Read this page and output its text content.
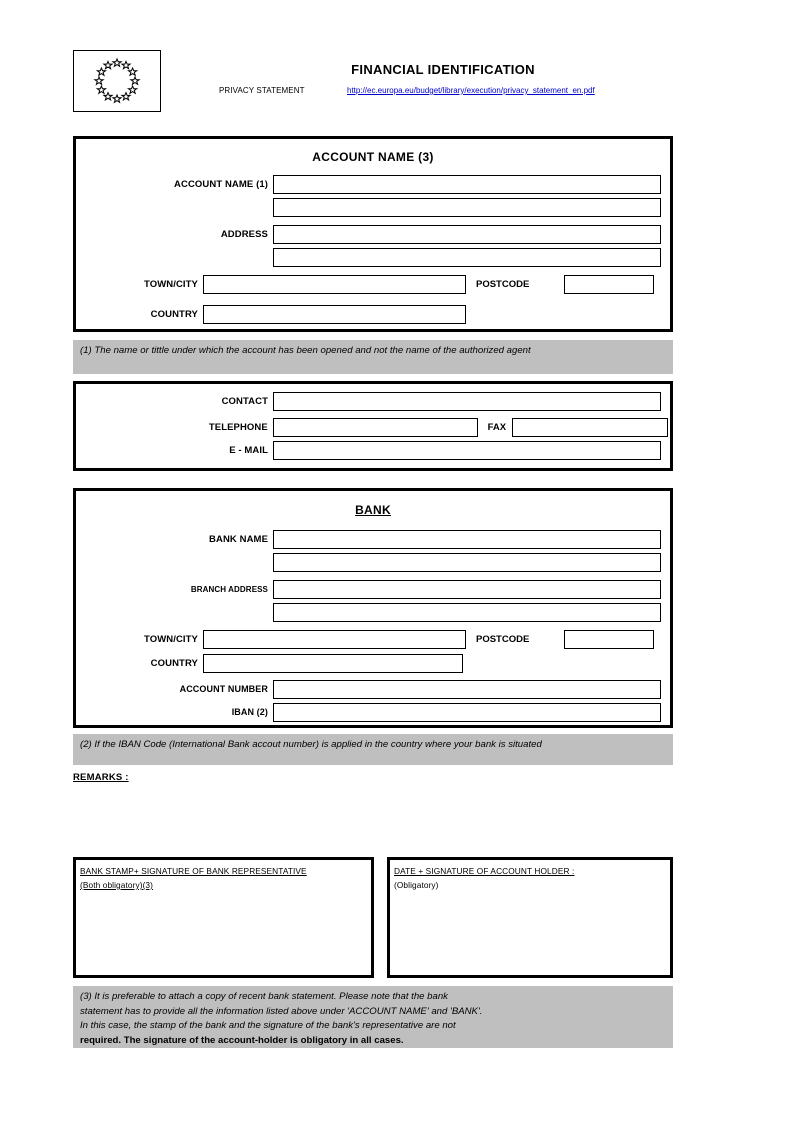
FINANCIAL IDENTIFICATION
PRIVACY STATEMENT	http://ec.europa.eu/budget/library/execution/privacy_statement_en.pdf
ACCOUNT NAME (3)
ACCOUNT NAME (1)
ADDRESS
TOWN/CITY	POSTCODE
COUNTRY
(1) The name or tittle under which the account has been opened and not the name of the authorized agent
CONTACT
TELEPHONE	FAX
E - MAIL
BANK
BANK NAME
BRANCH ADDRESS
TOWN/CITY	POSTCODE
COUNTRY
ACCOUNT NUMBER
IBAN (2)
(2) If the IBAN Code (International Bank accout number) is applied in the country where your bank is situated
REMARKS :
BANK STAMP+ SIGNATURE OF BANK REPRESENTATIVE
(Both obligatory)(3)
DATE + SIGNATURE OF ACCOUNT HOLDER :
(Obligatory)
(3) It is preferable to attach a copy of recent bank statement. Please note that the bank
statement has to provide all the information listed above under 'ACCOUNT NAME' and 'BANK'.
In this case, the stamp of the bank and the signature of the bank's representative are not
required. The signature of the account-holder is obligatory in all cases.
